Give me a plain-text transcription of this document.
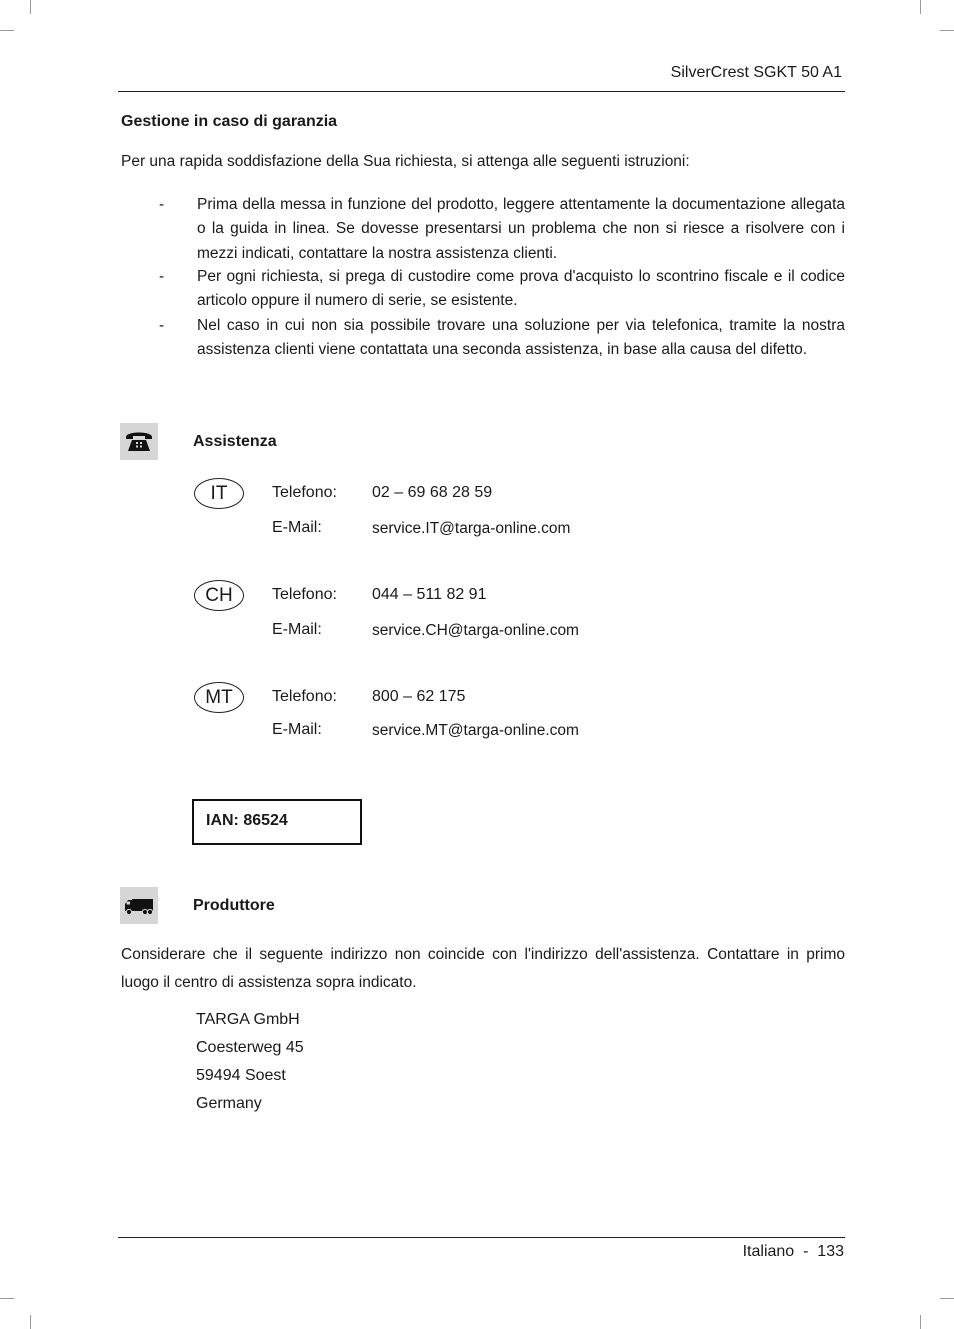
SilverCrest SGKT 50 A1
Gestione in caso di garanzia
Per una rapida soddisfazione della Sua richiesta, si attenga alle seguenti istruzioni:
- Prima della messa in funzione del prodotto, leggere attentamente la documentazione allegata o la guida in linea. Se dovesse presentarsi un problema che non si riesce a risolvere con i mezzi indicati, contattare la nostra assistenza clienti.
- Per ogni richiesta, si prega di custodire come prova d'acquisto lo scontrino fiscale e il codice articolo oppure il numero di serie, se esistente.
- Nel caso in cui non sia possibile trovare una soluzione per via telefonica, tramite la nostra assistenza clienti viene contattata una seconda assistenza, in base alla causa del difetto.
Assistenza
IT	Telefono: 02 – 69 68 28 59
E-Mail:	service.IT@targa-online.com
CH	Telefono: 044 – 511 82 91
E-Mail:	service.CH@targa-online.com
MT	Telefono: 800 – 62 175
E-Mail:	service.MT@targa-online.com
IAN: 86524
Produttore
Considerare che il seguente indirizzo non coincide con l'indirizzo dell'assistenza. Contattare in primo luogo il centro di assistenza sopra indicato.
TARGA GmbH
Coesterweg 45
59494 Soest
Germany
Italiano - 133
